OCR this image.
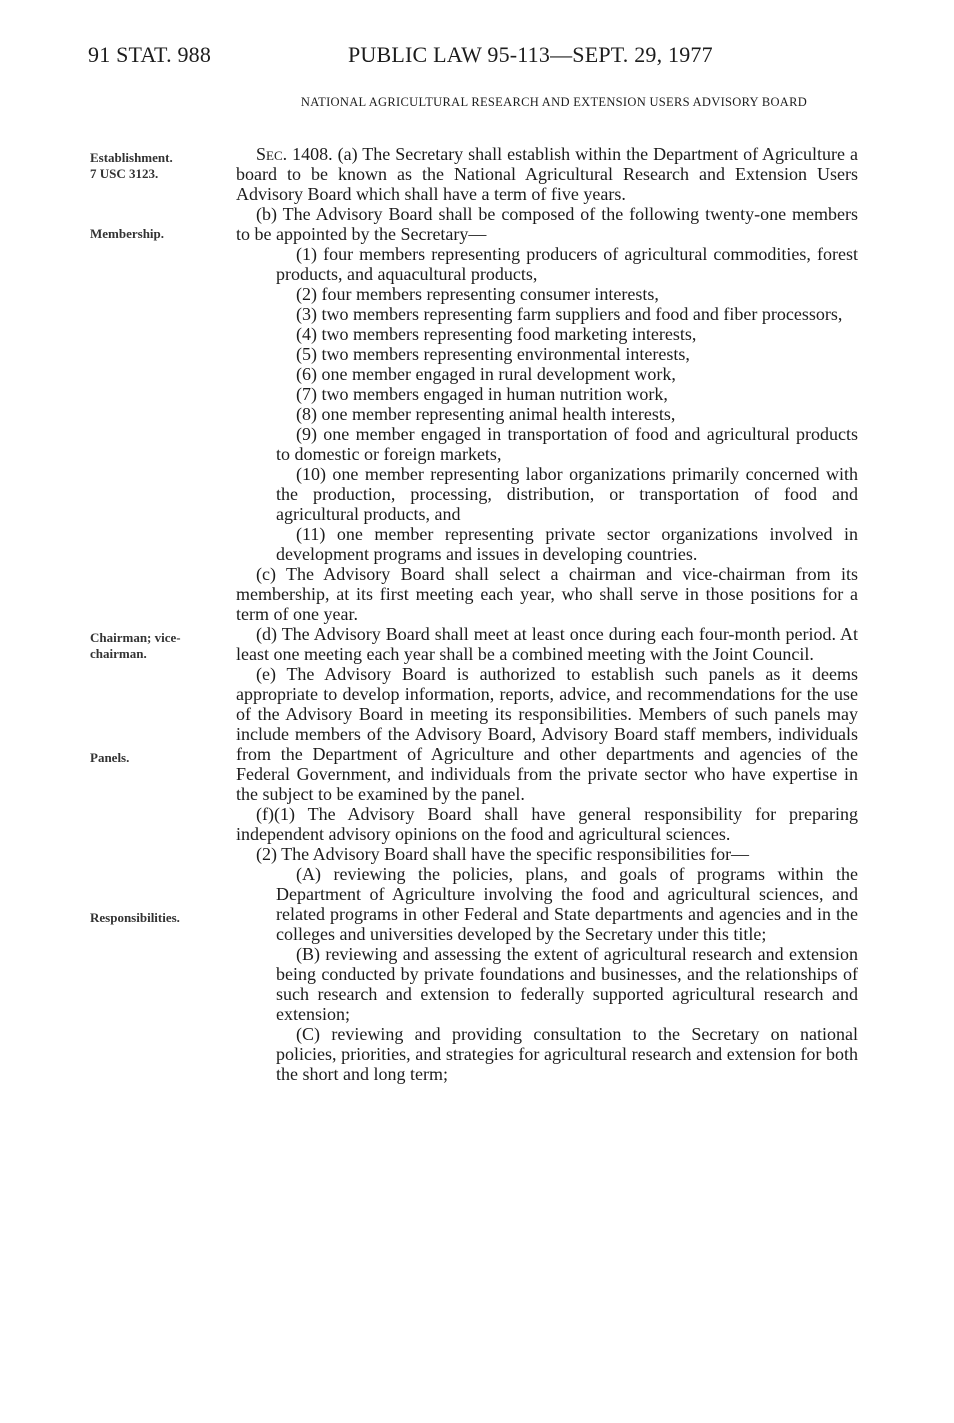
91 STAT. 988	PUBLIC LAW 95-113—SEPT. 29, 1977
NATIONAL AGRICULTURAL RESEARCH AND EXTENSION USERS ADVISORY BOARD
Establishment.
7 USC 3123.
Membership.
Chairman; vice-
chairman.
Panels.
Responsibilities.

Sec. 1408. (a) The Secretary shall establish within the Department of Agriculture a board to be known as the National Agricultural Research and Extension Users Advisory Board which shall have a term of five years.

(b) The Advisory Board shall be composed of the following twenty-one members to be appointed by the Secretary—

(1) four members representing producers of agricultural commodities, forest products, and aquacultural products,

(2) four members representing consumer interests,

(3) two members representing farm suppliers and food and fiber processors,

(4) two members representing food marketing interests,

(5) two members representing environmental interests,

(6) one member engaged in rural development work,

(7) two members engaged in human nutrition work,

(8) one member representing animal health interests,

(9) one member engaged in transportation of food and agricultural products to domestic or foreign markets,

(10) one member representing labor organizations primarily concerned with the production, processing, distribution, or transportation of food and agricultural products, and

(11) one member representing private sector organizations involved in development programs and issues in developing countries.

(c) The Advisory Board shall select a chairman and vice-chairman from its membership, at its first meeting each year, who shall serve in those positions for a term of one year.

(d) The Advisory Board shall meet at least once during each four-month period. At least one meeting each year shall be a combined meeting with the Joint Council.

(e) The Advisory Board is authorized to establish such panels as it deems appropriate to develop information, reports, advice, and recommendations for the use of the Advisory Board in meeting its responsibilities. Members of such panels may include members of the Advisory Board, Advisory Board staff members, individuals from the Department of Agriculture and other departments and agencies of the Federal Government, and individuals from the private sector who have expertise in the subject to be examined by the panel.

(f)(1) The Advisory Board shall have general responsibility for preparing independent advisory opinions on the food and agricultural sciences.

(2) The Advisory Board shall have the specific responsibilities for—

(A) reviewing the policies, plans, and goals of programs within the Department of Agriculture involving the food and agricultural sciences, and related programs in other Federal and State departments and agencies and in the colleges and universities developed by the Secretary under this title;

(B) reviewing and assessing the extent of agricultural research and extension being conducted by private foundations and businesses, and the relationships of such research and extension to federally supported agricultural research and extension;

(C) reviewing and providing consultation to the Secretary on national policies, priorities, and strategies for agricultural research and extension for both the short and long term;
